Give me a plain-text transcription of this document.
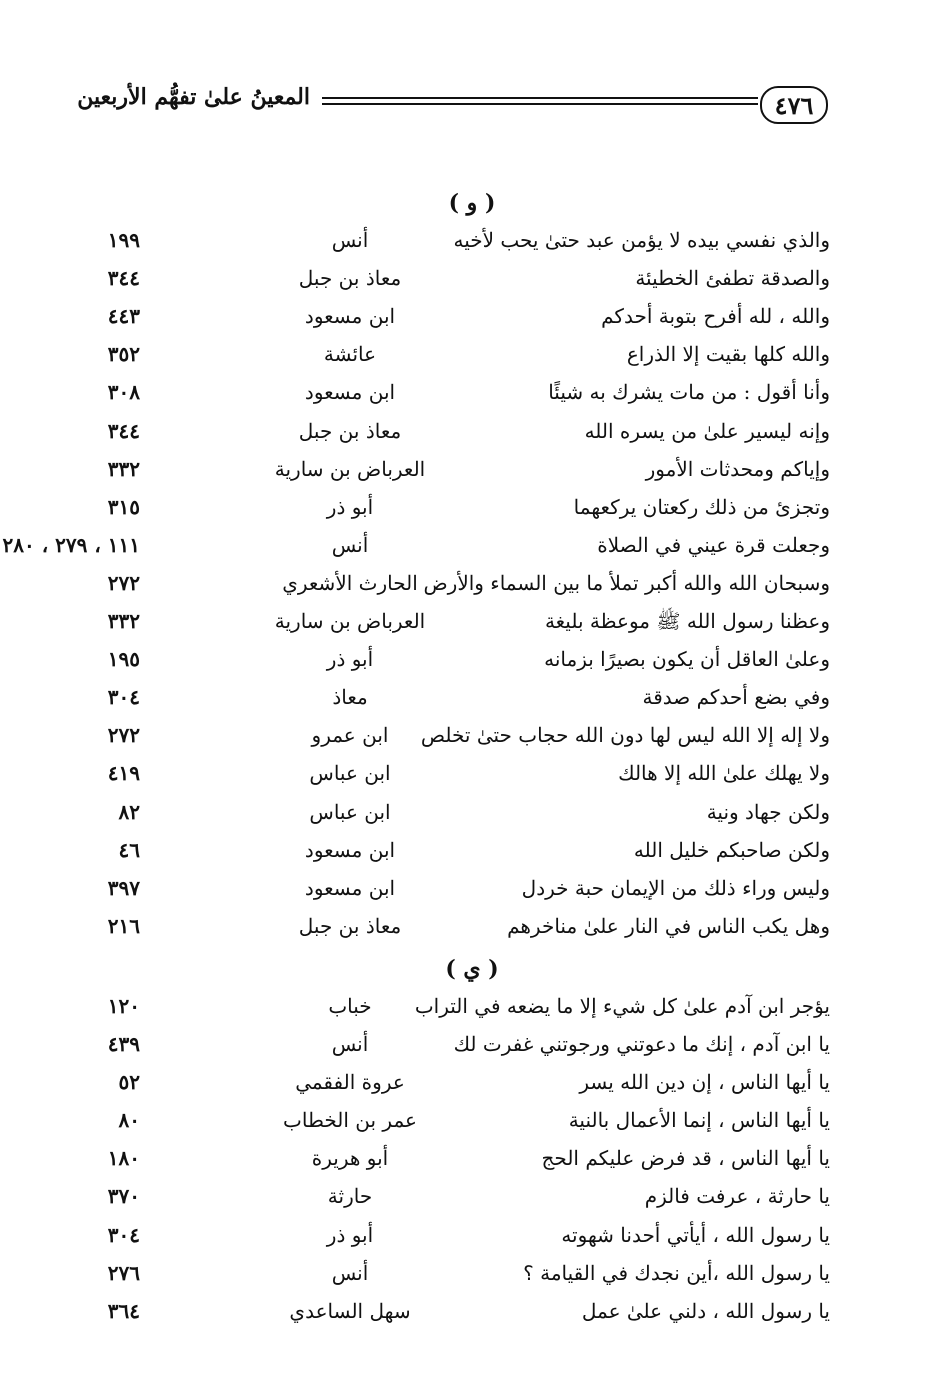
٤٧٦
المعينُ علىٰ تفهُّم الأربعين
( و )
والذي نفسي بيده لا يؤمن عبد حتىٰ يحب لأخيه
أنس
١٩٩
والصدقة تطفئ الخطيئة
معاذ بن جبل
٣٤٤
والله ، لله أفرح بتوبة أحدكم
ابن مسعود
٤٤٣
والله كلها بقيت إلا الذراع
عائشة
٣٥٢
وأنا أقول : من مات يشرك به شيئًا
ابن مسعود
٣٠٨
وإنه ليسير علىٰ من يسره الله
معاذ بن جبل
٣٤٤
وإياكم ومحدثات الأمور
العرباض بن سارية
٣٣٢
وتجزئ من ذلك ركعتان يركعهما
أبو ذر
٣١٥
وجعلت قرة عيني في الصلاة
أنس
١١١ ، ٢٧٩ ، ٢٨٠
وسبحان الله والله أكبر تملأ ما بين السماء والأرض
الحارث الأشعري
٢٧٢
وعظنا رسول الله ﷺ موعظة بليغة
العرباض بن سارية
٣٣٢
وعلىٰ العاقل أن يكون بصيرًا بزمانه
أبو ذر
١٩٥
وفي بضع أحدكم صدقة
معاذ
٣٠٤
ولا إله إلا الله ليس لها دون الله حجاب حتىٰ تخلص
ابن عمرو
٢٧٢
ولا يهلك علىٰ الله إلا هالك
ابن عباس
٤١٩
ولكن جهاد ونية
ابن عباس
٨٢
ولكن صاحبكم خليل الله
ابن مسعود
٤٦
وليس وراء ذلك من الإيمان حبة خردل
ابن مسعود
٣٩٧
وهل يكب الناس في النار علىٰ مناخرهم
معاذ بن جبل
٢١٦
( ي )
يؤجر ابن آدم علىٰ كل شيء إلا ما يضعه في التراب
خباب
١٢٠
يا ابن آدم ، إنك ما دعوتني ورجوتني غفرت لك
أنس
٤٣٩
يا أيها الناس ، إن دين الله يسر
عروة الفقمي
٥٢
يا أيها الناس ، إنما الأعمال بالنية
عمر بن الخطاب
٨٠
يا أيها الناس ، قد فرض عليكم الحج
أبو هريرة
١٨٠
يا حارثة ، عرفت فالزم
حارثة
٣٧٠
يا رسول الله ، أيأتي أحدنا شهوته
أبو ذر
٣٠٤
يا رسول الله ،أين نجدك في القيامة ؟
أنس
٢٧٦
يا رسول الله ، دلني علىٰ عمل
سهل الساعدي
٣٦٤
